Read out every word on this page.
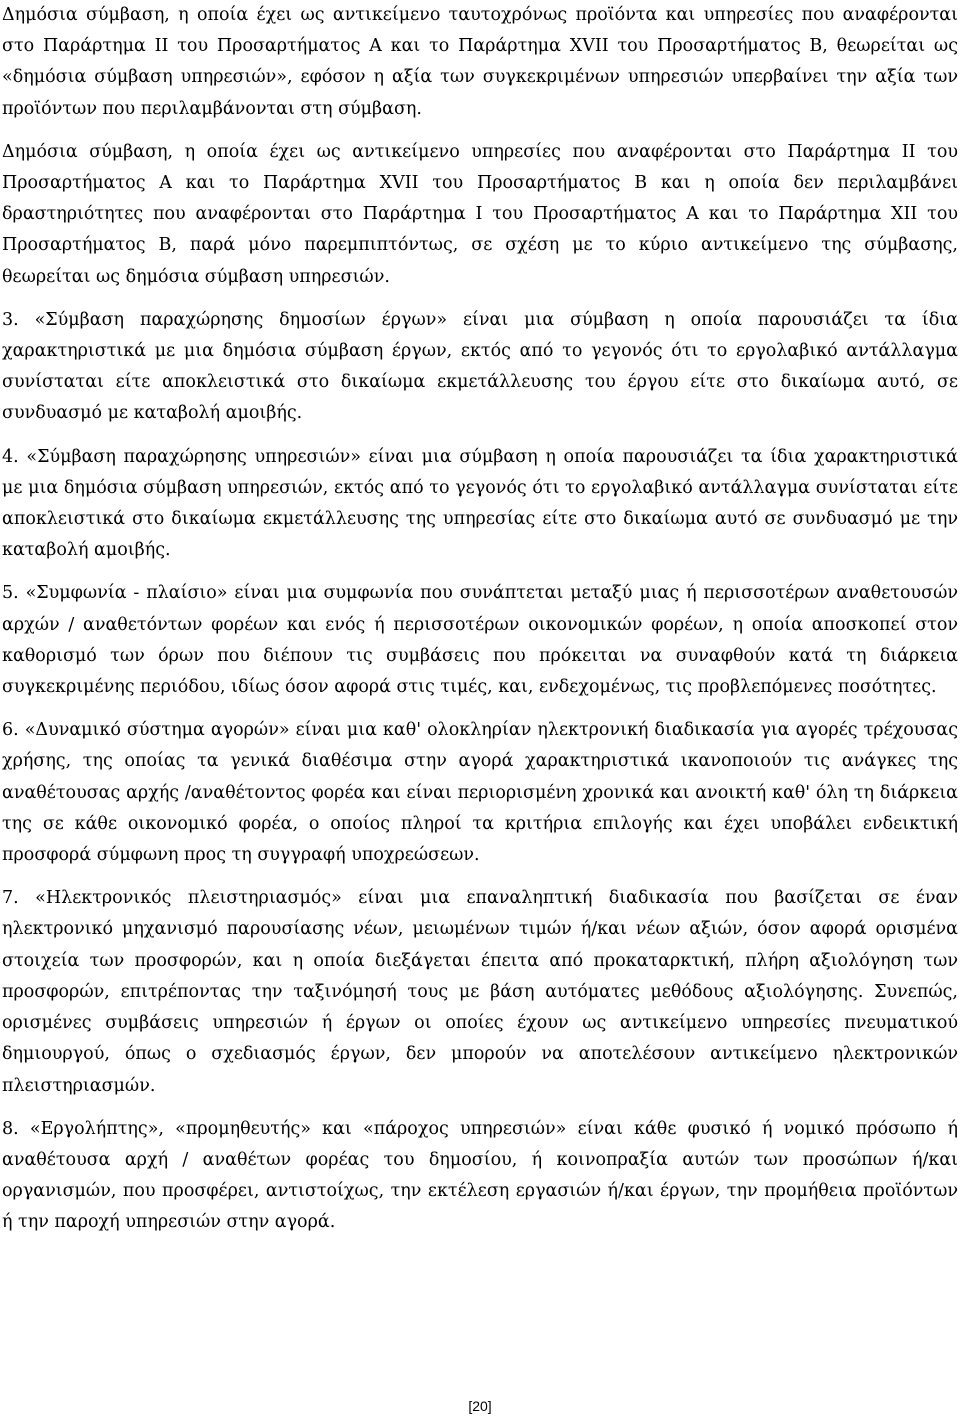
Δημόσια σύμβαση, η οποία έχει ως αντικείμενο ταυτοχρόνως προϊόντα και υπηρεσίες που αναφέρονται στο Παράρτημα ΙΙ του Προσαρτήματος Α και το Παράρτημα XVII του Προσαρτήματος Β, θεωρείται ως «δημόσια σύμβαση υπηρεσιών», εφόσον η αξία των συγκεκριμένων υπηρεσιών υπερβαίνει την αξία των προϊόντων που περιλαμβάνονται στη σύμβαση.

Δημόσια σύμβαση, η οποία έχει ως αντικείμενο υπηρεσίες που αναφέρονται στο Παράρτημα ΙΙ του Προσαρτήματος Α και το Παράρτημα XVII του Προσαρτήματος Β και η οποία δεν περιλαμβάνει δραστηριότητες που αναφέρονται στο Παράρτημα Ι του Προσαρτήματος Α και το Παράρτημα XII του Προσαρτήματος Β, παρά μόνο παρεμπιπτόντως, σε σχέση με το κύριο αντικείμενο της σύμβασης, θεωρείται ως δημόσια σύμβαση υπηρεσιών.

3. «Σύμβαση παραχώρησης δημοσίων έργων» είναι μια σύμβαση η οποία παρουσιάζει τα ίδια χαρακτηριστικά με μια δημόσια σύμβαση έργων, εκτός από το γεγονός ότι το εργολαβικό αντάλλαγμα συνίσταται είτε αποκλειστικά στο δικαίωμα εκμετάλλευσης του έργου είτε στο δικαίωμα αυτό, σε συνδυασμό με καταβολή αμοιβής.

4. «Σύμβαση παραχώρησης υπηρεσιών» είναι μια σύμβαση η οποία παρουσιάζει τα ίδια χαρακτηριστικά με μια δημόσια σύμβαση υπηρεσιών, εκτός από το γεγονός ότι το εργολαβικό αντάλλαγμα συνίσταται είτε αποκλειστικά στο δικαίωμα εκμετάλλευσης της υπηρεσίας είτε στο δικαίωμα αυτό σε συνδυασμό με την καταβολή αμοιβής.

5. «Συμφωνία - πλαίσιο» είναι μια συμφωνία που συνάπτεται μεταξύ μιας ή περισσοτέρων αναθετουσών αρχών / αναθετόντων φορέων και ενός ή περισσοτέρων οικονομικών φορέων, η οποία αποσκοπεί στον καθορισμό των όρων που διέπουν τις συμβάσεις που πρόκειται να συναφθούν κατά τη διάρκεια συγκεκριμένης περιόδου, ιδίως όσον αφορά στις τιμές, και, ενδεχομένως, τις προβλεπόμενες ποσότητες.

6. «Δυναμικό σύστημα αγορών» είναι μια καθ' ολοκληρίαν ηλεκτρονική διαδικασία για αγορές τρέχουσας χρήσης, της οποίας τα γενικά διαθέσιμα στην αγορά χαρακτηριστικά ικανοποιούν τις ανάγκες της αναθέτουσας αρχής /αναθέτοντος φορέα και είναι περιορισμένη χρονικά και ανοικτή καθ' όλη τη διάρκεια της σε κάθε οικονομικό φορέα, ο οποίος πληροί τα κριτήρια επιλογής και έχει υποβάλει ενδεικτική προσφορά σύμφωνη προς τη συγγραφή υποχρεώσεων.

7. «Ηλεκτρονικός πλειστηριασμός» είναι μια επαναληπτική διαδικασία που βασίζεται σε έναν ηλεκτρονικό μηχανισμό παρουσίασης νέων, μειωμένων τιμών ή/και νέων αξιών, όσον αφορά ορισμένα στοιχεία των προσφορών, και η οποία διεξάγεται έπειτα από προκαταρκτική, πλήρη αξιολόγηση των προσφορών, επιτρέποντας την ταξινόμησή τους με βάση αυτόματες μεθόδους αξιολόγησης. Συνεπώς, ορισμένες συμβάσεις υπηρεσιών ή έργων οι οποίες έχουν ως αντικείμενο υπηρεσίες πνευματικού δημιουργού, όπως ο σχεδιασμός έργων, δεν μπορούν να αποτελέσουν αντικείμενο ηλεκτρονικών πλειστηριασμών.

8. «Εργολήπτης», «προμηθευτής» και «πάροχος υπηρεσιών» είναι κάθε φυσικό ή νομικό πρόσωπο ή αναθέτουσα αρχή / αναθέτων φορέας του δημοσίου, ή κοινοπραξία αυτών των προσώπων ή/και οργανισμών, που προσφέρει, αντιστοίχως, την εκτέλεση εργασιών ή/και έργων, την προμήθεια προϊόντων ή την παροχή υπηρεσιών στην αγορά.

[20]
